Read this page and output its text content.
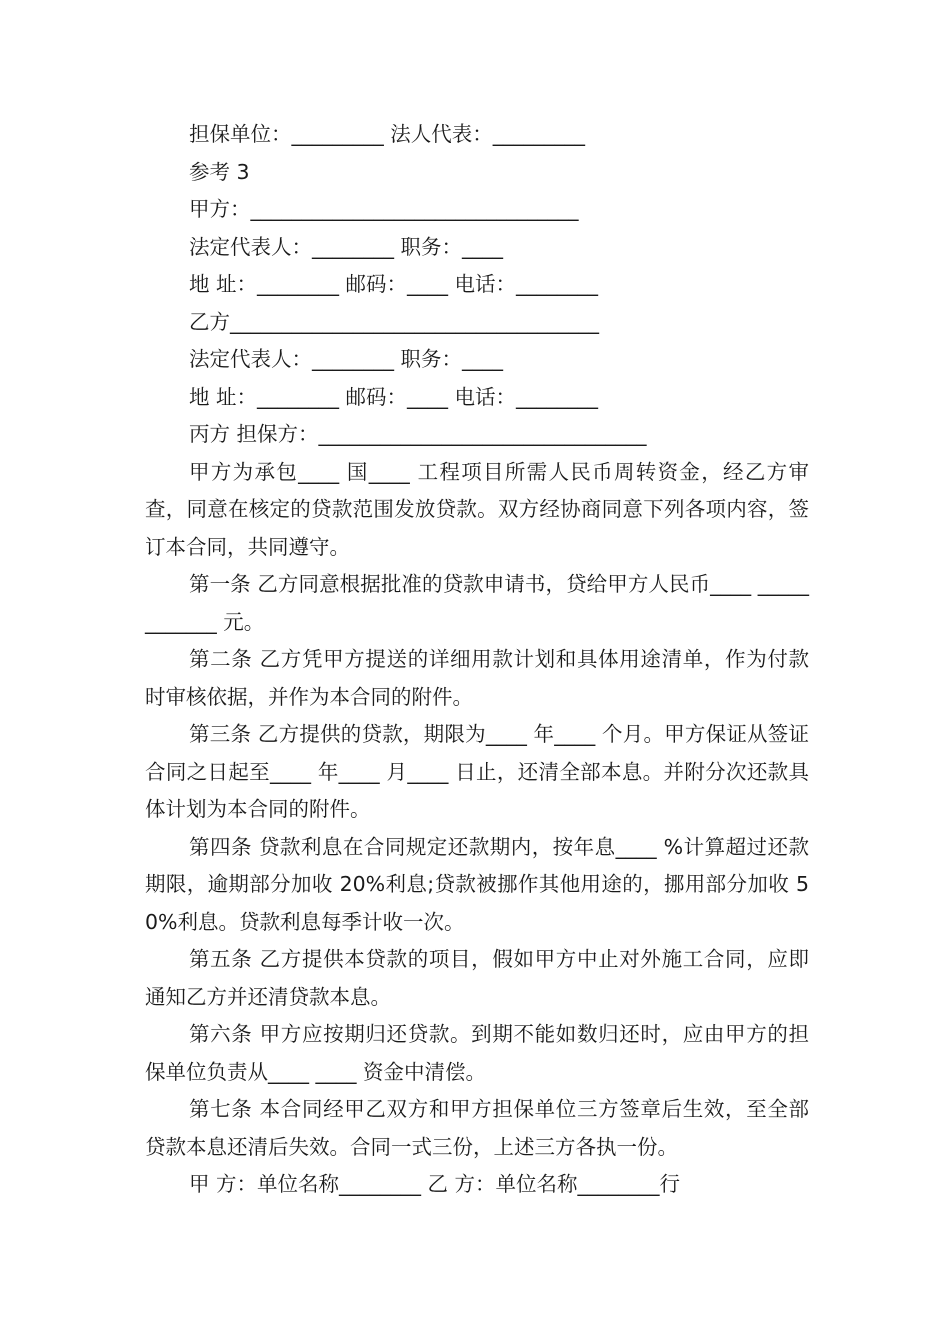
担保单位：_________ 法人代表：_________
参考 3
甲方：________________________________
法定代表人：________ 职务：____
地 址：________ 邮码：____ 电话：________
乙方____________________________________
法定代表人：________ 职务：____
地 址：________ 邮码：____ 电话：________
丙方 担保方：________________________________

甲方为承包____ 国____ 工程项目所需人民币周转资金，经乙方审查，同意在核定的贷款范围发放贷款。双方经协商同意下列各项内容，签订本合同，共同遵守。

第一条 乙方同意根据批准的贷款申请书，贷给甲方人民币____ ____________ 元。

第二条 乙方凭甲方提送的详细用款计划和具体用途清单，作为付款时审核依据，并作为本合同的附件。

第三条 乙方提供的贷款，期限为____ 年____ 个月。甲方保证从签证合同之日起至____ 年____ 月____ 日止，还清全部本息。并附分次还款具体计划为本合同的附件。

第四条 贷款利息在合同规定还款期内，按年息____ %计算超过还款期限，逾期部分加收 20%利息;贷款被挪作其他用途的，挪用部分加收 50%利息。贷款利息每季计收一次。

第五条 乙方提供本贷款的项目，假如甲方中止对外施工合同，应即通知乙方并还清贷款本息。

第六条 甲方应按期归还贷款。到期不能如数归还时，应由甲方的担保单位负责从____ ____ 资金中清偿。

第七条 本合同经甲乙双方和甲方担保单位三方签章后生效，至全部贷款本息还清后失效。合同一式三份，上述三方各执一份。

甲 方：单位名称________ 乙 方：单位名称________行
